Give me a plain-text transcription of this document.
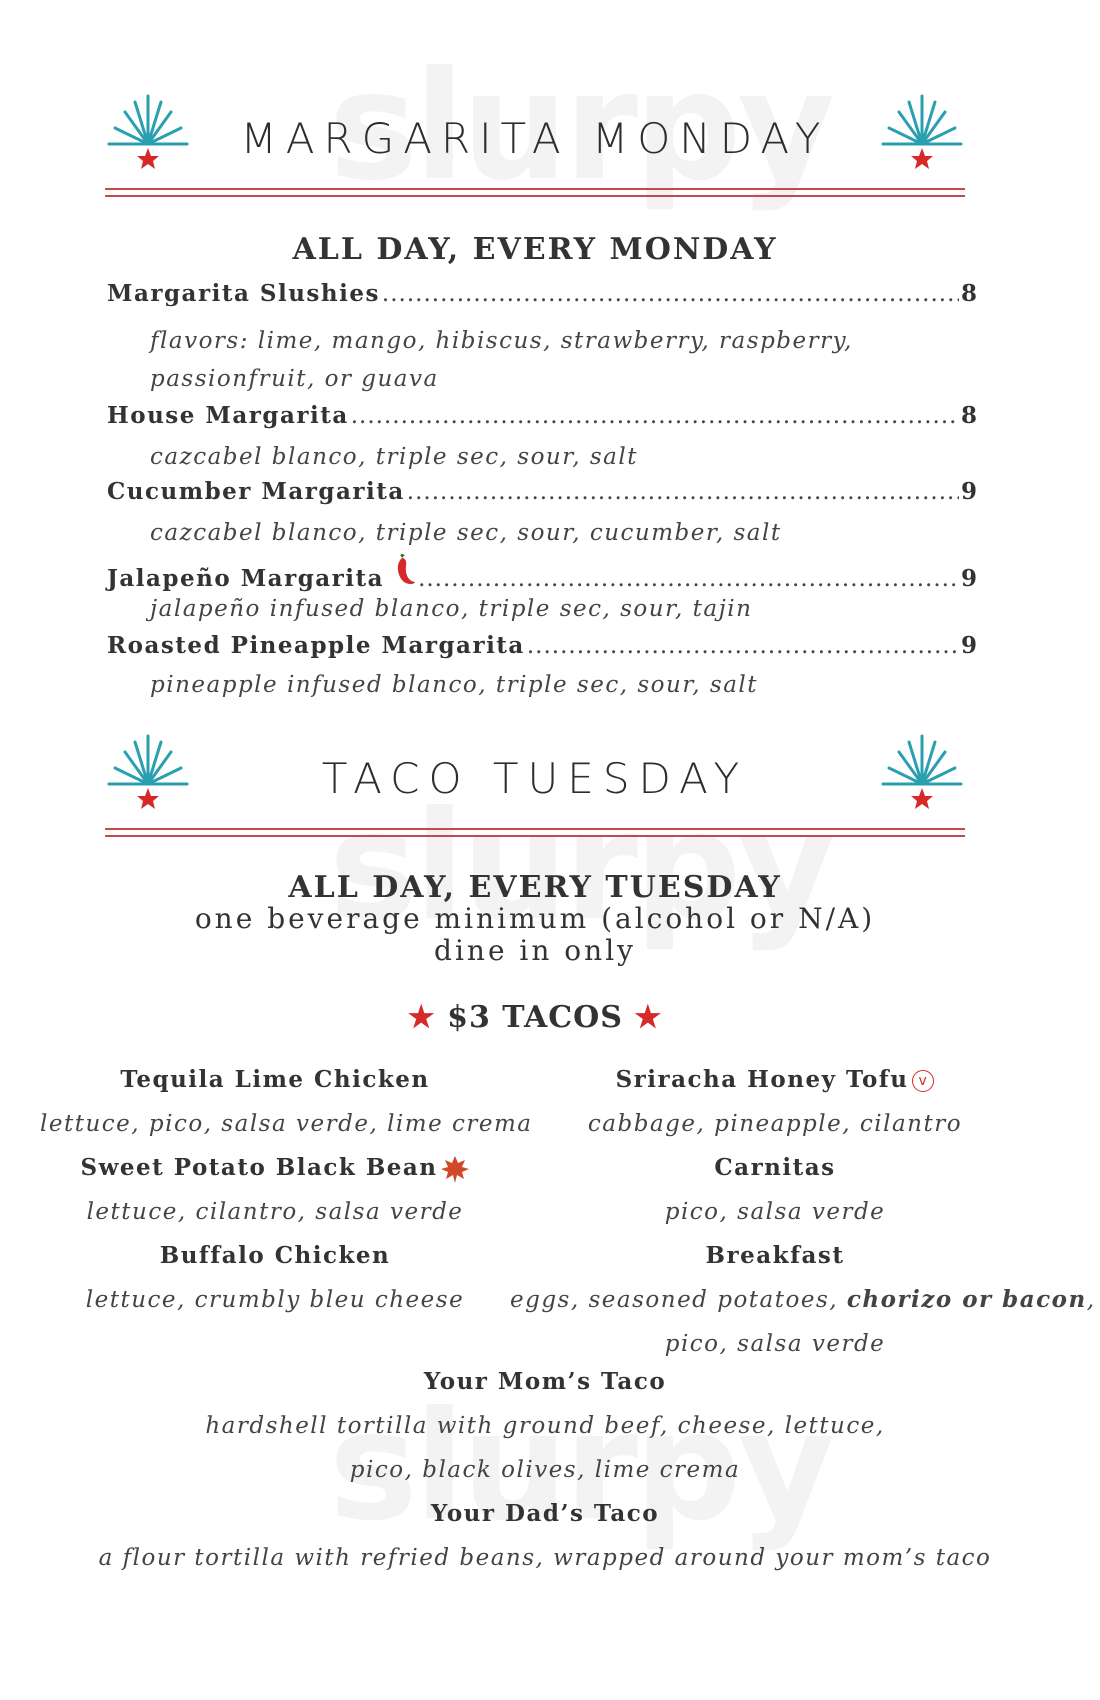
MARGARITA MONDAY
ALL DAY, EVERY MONDAY
Margarita Slushies .....	8
flavors: lime, mango, hibiscus, strawberry, raspberry,
passionfruit, or guava
House Margarita .....	8
cazcabel blanco, triple sec, sour, salt
Cucumber Margarita .....	9
cazcabel blanco, triple sec, sour, cucumber, salt
Jalapeño Margarita .....	9
jalapeño infused blanco, triple sec, sour, tajin
Roasted Pineapple Margarita .....	9
pineapple infused blanco, triple sec, sour, salt
TACO TUESDAY
ALL DAY, EVERY TUESDAY
one beverage minimum (alcohol or N/A)
dine in only
★ $3 TACOS ★
Tequila Lime Chicken
lettuce, pico, salsa verde, lime crema
Sweet Potato Black Bean
lettuce, cilantro, salsa verde
Buffalo Chicken
lettuce, crumbly bleu cheese
Sriracha Honey Tofu v
cabbage, pineapple, cilantro
Carnitas
pico, salsa verde
Breakfast
eggs, seasoned potatoes, chorizo or bacon,
pico, salsa verde
Your Mom’s Taco
hardshell tortilla with ground beef, cheese, lettuce,
pico, black olives, lime crema
Your Dad’s Taco
a flour tortilla with refried beans, wrapped around your mom’s taco
